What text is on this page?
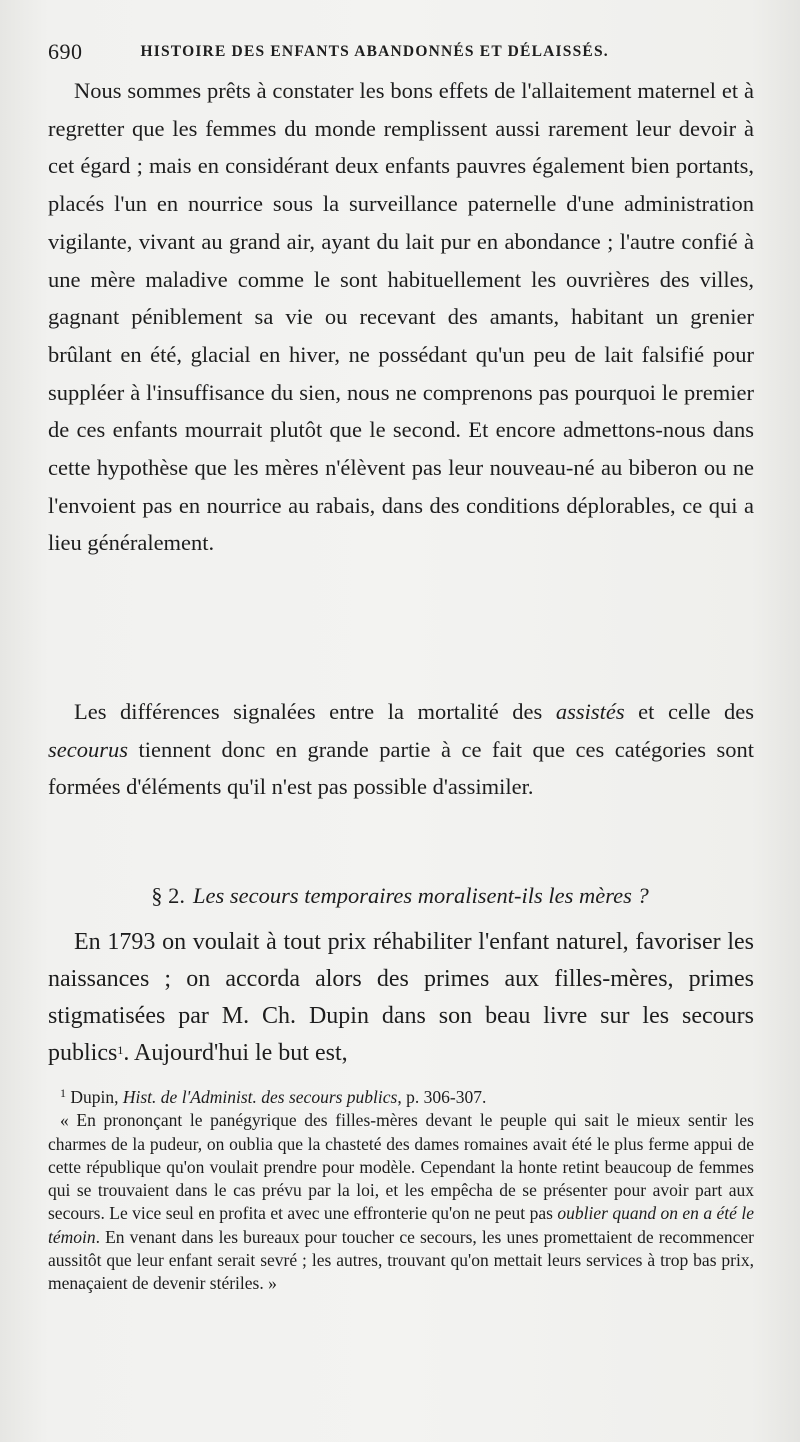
690	HISTOIRE DES ENFANTS ABANDONNÉS ET DÉLAISSÉS.

Nous sommes prêts à constater les bons effets de l'allaitement maternel et à regretter que les femmes du monde remplissent aussi rarement leur devoir à cet égard ; mais en considérant deux enfants pauvres également bien portants, placés l'un en nourrice sous la surveillance paternelle d'une administration vigilante, vivant au grand air, ayant du lait pur en abondance ; l'autre confié à une mère maladive comme le sont habituellement les ouvrières des villes, gagnant péniblement sa vie ou recevant des amants, habitant un grenier brûlant en été, glacial en hiver, ne possédant qu'un peu de lait falsifié pour suppléer à l'insuffisance du sien, nous ne comprenons pas pourquoi le premier de ces enfants mourrait plutôt que le second. Et encore admettons-nous dans cette hypothèse que les mères n'élèvent pas leur nouveau-né au biberon ou ne l'envoient pas en nourrice au rabais, dans des conditions déplorables, ce qui a lieu généralement.

Les différences signalées entre la mortalité des assistés et celle des secourus tiennent donc en grande partie à ce fait que ces catégories sont formées d'éléments qu'il n'est pas possible d'assimiler.

§ 2. Les secours temporaires moralisent-ils les mères ?

En 1793 on voulait à tout prix réhabiliter l'enfant naturel, favoriser les naissances ; on accorda alors des primes aux filles-mères, primes stigmatisées par M. Ch. Dupin dans son beau livre sur les secours publics$^1$. Aujourd'hui le but est,

$^1$ Dupin, Hist. de l'Administ. des secours publics, p. 306-307.

« En prononçant le panégyrique des filles-mères devant le peuple qui sait le mieux sentir les charmes de la pudeur, on oublia que la chasteté des dames romaines avait été le plus ferme appui de cette république qu'on voulait prendre pour modèle. Cependant la honte retint beaucoup de femmes qui se trouvaient dans le cas prévu par la loi, et les empêcha de se présenter pour avoir part aux secours. Le vice seul en profita et avec une effronterie qu'on ne peut pas oublier quand on en a été le témoin. En venant dans les bureaux pour toucher ce secours, les unes promettaient de recommencer aussitôt que leur enfant serait sevré ; les autres, trouvant qu'on mettait leurs services à trop bas prix, menaçaient de devenir stériles. »
